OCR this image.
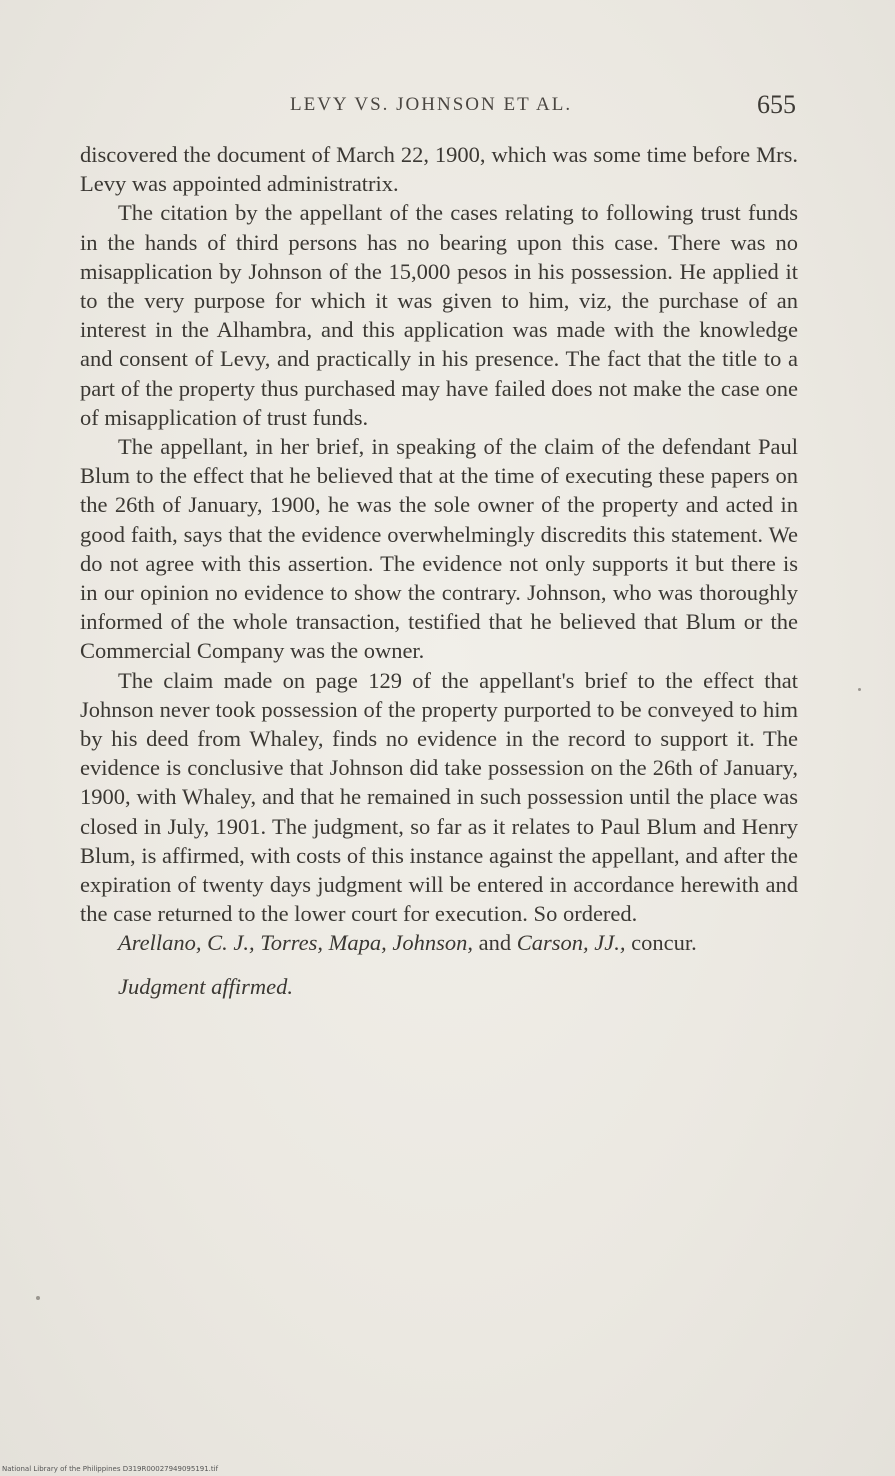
LEVY VS. JOHNSON ET AL.	655

discovered the document of March 22, 1900, which was some time before Mrs. Levy was appointed administratrix.

The citation by the appellant of the cases relating to following trust funds in the hands of third persons has no bearing upon this case. There was no misapplication by Johnson of the 15,000 pesos in his possession. He applied it to the very purpose for which it was given to him, viz, the purchase of an interest in the Alhambra, and this application was made with the knowledge and consent of Levy, and practically in his presence. The fact that the title to a part of the property thus purchased may have failed does not make the case one of misapplication of trust funds.

The appellant, in her brief, in speaking of the claim of the defendant Paul Blum to the effect that he believed that at the time of executing these papers on the 26th of January, 1900, he was the sole owner of the property and acted in good faith, says that the evidence overwhelmingly discredits this statement. We do not agree with this assertion. The evidence not only supports it but there is in our opinion no evidence to show the contrary. Johnson, who was thoroughly informed of the whole transaction, testified that he believed that Blum or the Commercial Company was the owner.

The claim made on page 129 of the appellant's brief to the effect that Johnson never took possession of the property purported to be conveyed to him by his deed from Whaley, finds no evidence in the record to support it. The evidence is conclusive that Johnson did take possession on the 26th of January, 1900, with Whaley, and that he remained in such possession until the place was closed in July, 1901. The judgment, so far as it relates to Paul Blum and Henry Blum, is affirmed, with costs of this instance against the appellant, and after the expiration of twenty days judgment will be entered in accordance herewith and the case returned to the lower court for execution. So ordered.

Arellano, C. J., Torres, Mapa, Johnson, and Carson, JJ., concur.

Judgment affirmed.

National Library of the Philippines D319R00027949095191.tif
